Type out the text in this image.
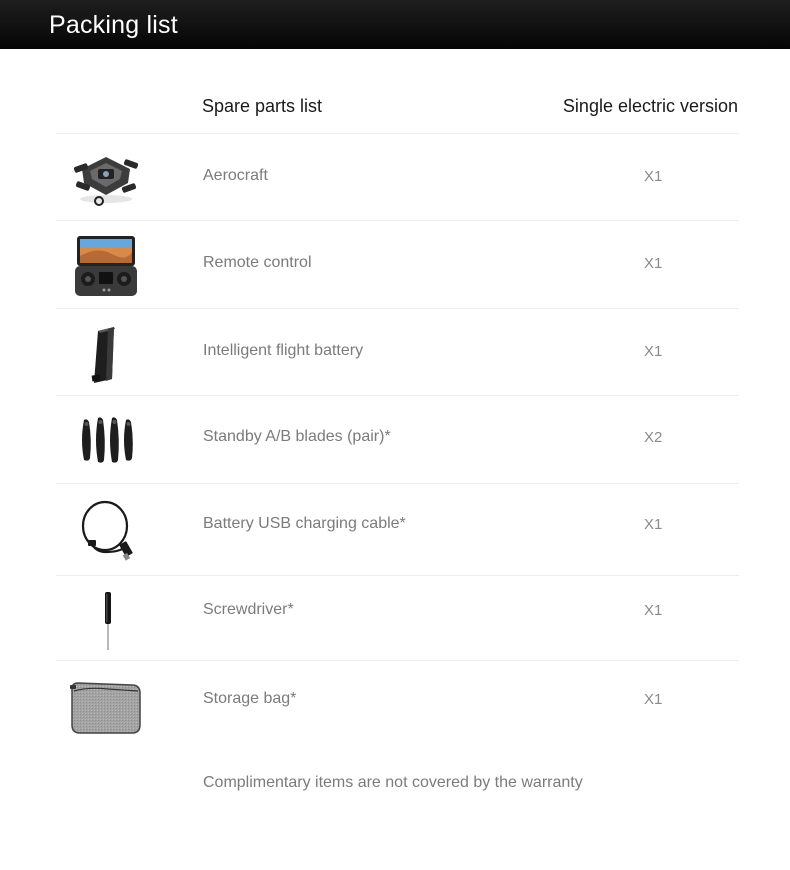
Packing list
Spare parts list	Single electric version
Aerocraft	X1
Remote control	X1
Intelligent flight battery	X1
Standby A/B blades (pair)*	X2
Battery USB charging cable*	X1
Screwdriver*	X1
Storage bag*	X1
Complimentary items are not covered by the warranty
